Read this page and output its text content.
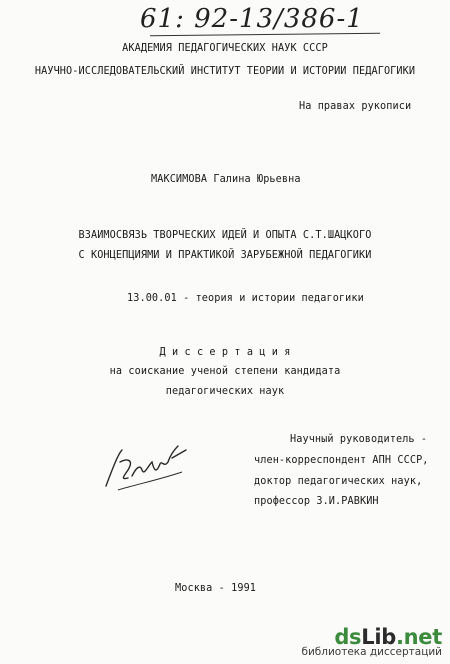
61: 92-13/386-1
АКАДЕМИЯ ПЕДАГОГИЧЕСКИХ НАУК СССР
НАУЧНО-ИССЛЕДОВАТЕЛЬСКИЙ ИНСТИТУТ ТЕОРИИ И ИСТОРИИ ПЕДАГОГИКИ
На правах рукописи
МАКСИМОВА Галина Юрьевна
ВЗАИМОСВЯЗЬ ТВОРЧЕСКИХ ИДЕЙ И ОПЫТА С.Т.ШАЦКОГО
С КОНЦЕПЦИЯМИ И ПРАКТИКОЙ ЗАРУБЕЖНОЙ ПЕДАГОГИКИ
13.00.01 - теория и истории педагогики
Д и с с е р т а ц и я
на соискание ученой степени кандидата
педагогических наук
Научный руководитель -
член-корреспондент АПН СССР,
доктор педагогических наук,
профессор З.И.РАВКИН
Москва - 1991
dsLib.net
библиотека диссертаций
